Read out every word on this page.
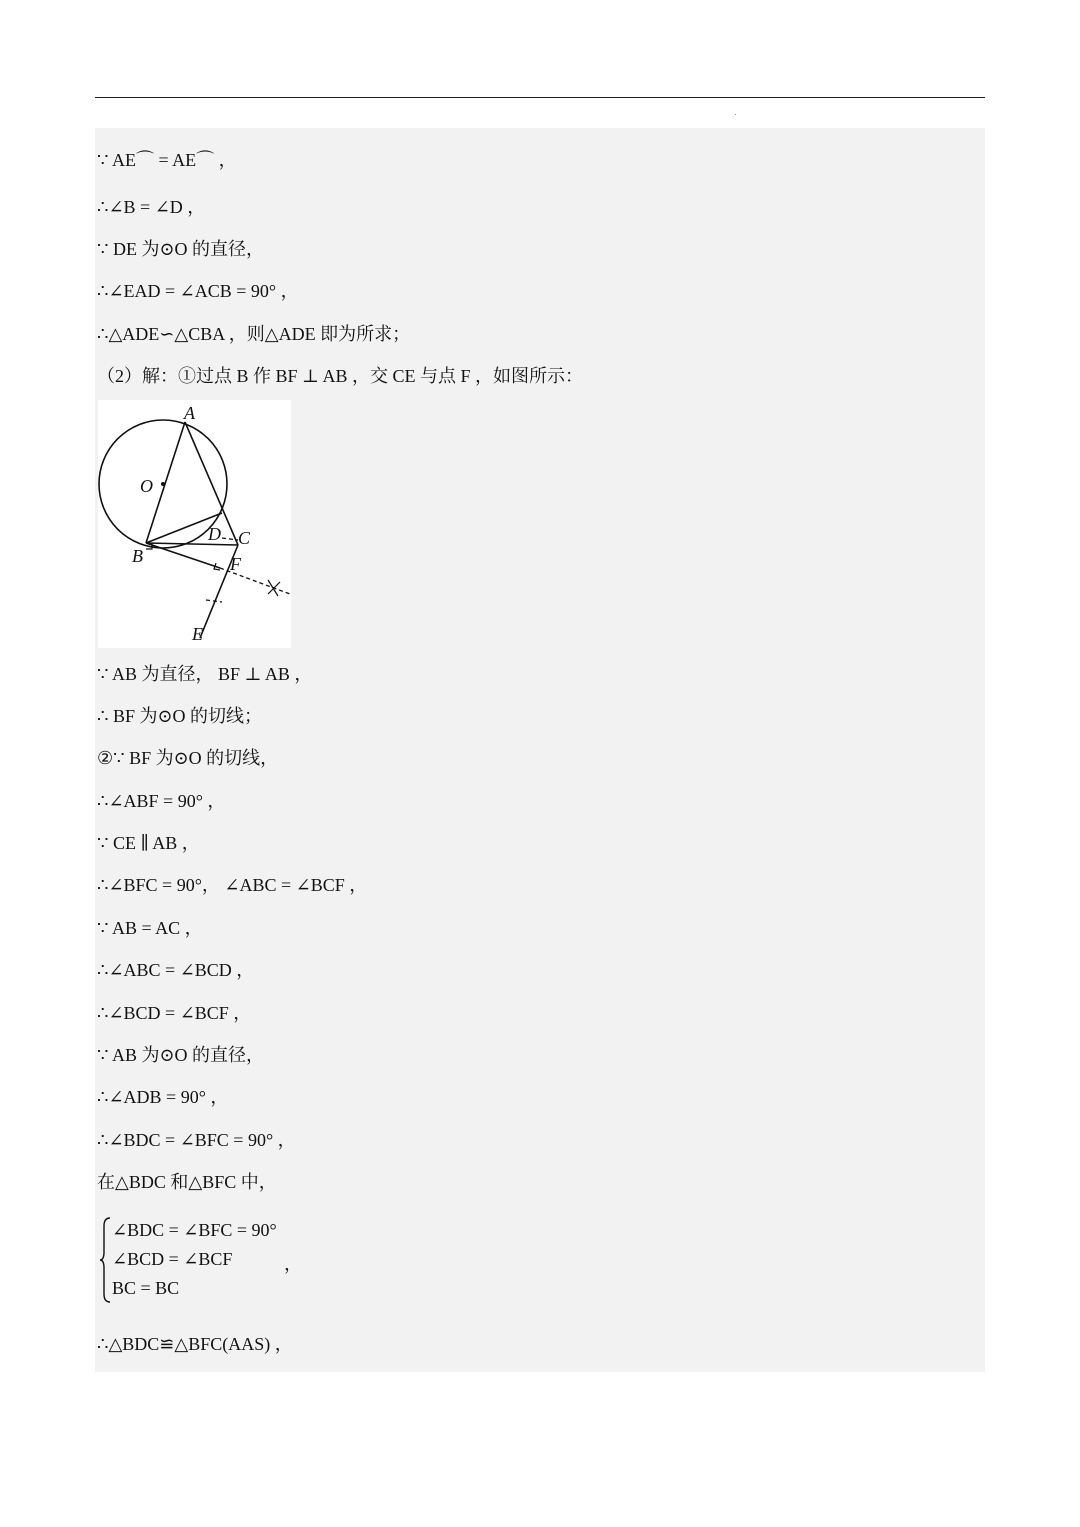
∵ AE⌒ = AE⌒ ，
∴∠B = ∠D ，
∵ DE 为⊙O 的直径，
∴∠EAD = ∠ACB = 90° ，
∴△ADE∽△CBA ，则△ADE 即为所求；
（2）解：①过点 B 作 BF ⊥ AB ，交 CE 与点 F ，如图所示：
A
O
D C
B	F
E
∵ AB 为直径， BF ⊥ AB ，
∴ BF 为⊙O 的切线；
②∵ BF 为⊙O 的切线，
∴∠ABF = 90° ，
∵ CE ∥ AB ，
∴∠BFC = 90°， ∠ABC = ∠BCF ，
∵ AB = AC ，
∴∠ABC = ∠BCD ，
∴∠BCD = ∠BCF ，
∵ AB 为⊙O 的直径，
∴∠ADB = 90° ，
∴∠BDC = ∠BFC = 90° ，
在△BDC 和△BFC 中，
∠BDC = ∠BFC = 90°
∠BCD = ∠BCF
BC = BC
，
∴△BDC≌△BFC(AAS) ，
